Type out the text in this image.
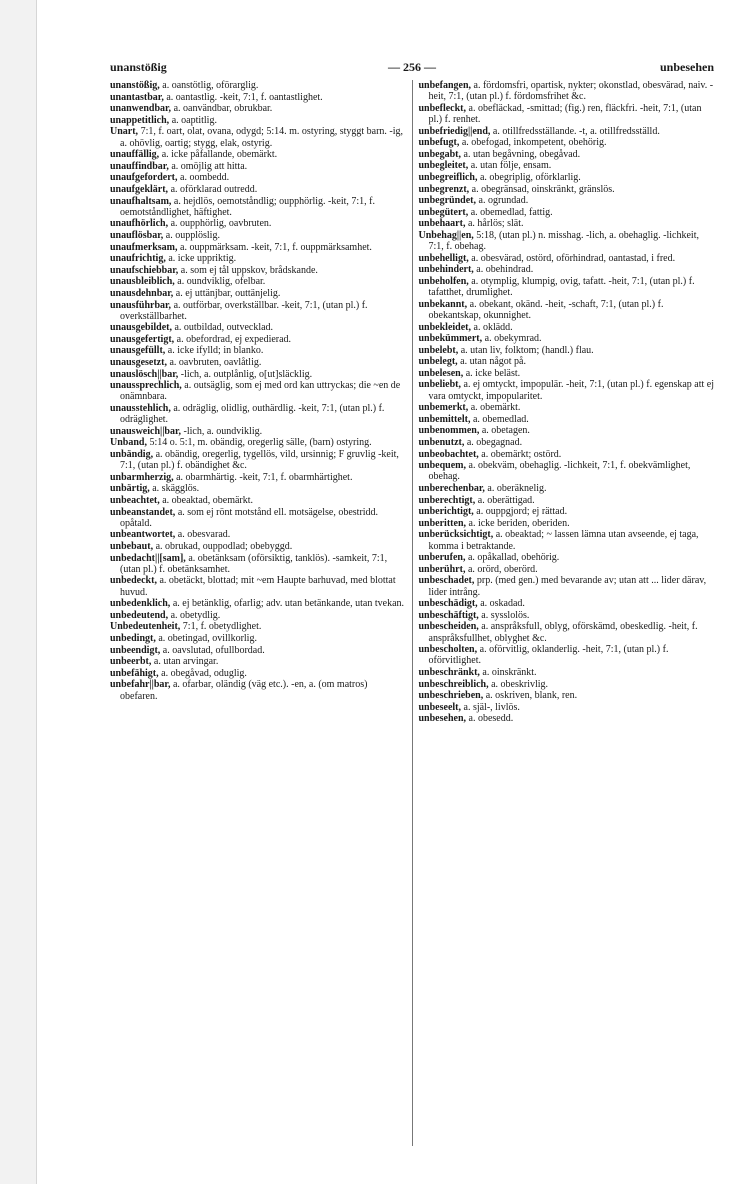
unanstößig	— 256 —	unbesehen

unanstößig, a. oanstötlig, oförarglig.

unantastbar, a. oantastlig. -keit, 7:1, f. oantastlighet.

unanwendbar, a. oanvändbar, obrukbar.

unappetitlich, a. oaptitlig.

Unart, 7:1, f. oart, olat, ovana, odygd; 5:14. m. ostyring, styggt barn. -ig, a. ohövlig, oartig; stygg, elak, ostyrig.

unauffällig, a. icke påfallande, obemärkt.

unauffindbar, a. omöjlig att hitta.

unaufgefordert, a. oombedd.

unaufgeklärt, a. oförklarad outredd.

unaufhaltsam, a. hejdlös, oemotståndlig; oupphörlig. -keit, 7:1, f. oemotståndlighet, häftighet.

unaufhörlich, a. oupphörlig, oavbruten.

unauflösbar, a. oupplöslig.

unaufmerksam, a. ouppmärksam. -keit, 7:1, f. ouppmärksamhet.

unaufrichtig, a. icke uppriktig.

unaufschiebbar, a. som ej tål uppskov, brådskande.

unausbleiblich, a. oundviklig, ofelbar.

unausdehnbar, a. ej uttänjbar, outtänjelig.

unausführbar, a. outförbar, overkställbar. -keit, 7:1, (utan pl.) f. overkställbarhet.

unausgebildet, a. outbildad, outvecklad.

unausgefertigt, a. obefordrad, ej expedierad.

unausgefüllt, a. icke ifylld; in blanko.

unausgesetzt, a. oavbruten, oavlåtlig.

unauslösch||bar, -lich, a. outplånlig, o[ut]släcklig.

unaussprechlich, a. outsäglig, som ej med ord kan uttryckas; die ~en de onämnbara.

unausstehlich, a. odräglig, olidlig, outhärdlig. -keit, 7:1, (utan pl.) f. odräglighet.

unausweich||bar, -lich, a. oundviklig.

Unband, 5:14 o. 5:1, m. obändig, oregerlig sälle, (barn) ostyring.

unbändig, a. obändig, oregerlig, tygellös, vild, ursinnig; F gruvlig -keit, 7:1, (utan pl.) f. obändighet &c.

unbarmherzig, a. obarmhärtig. -keit, 7:1, f. obarmhärtighet.

unbärtig, a. skägglös.

unbeachtet, a. obeaktad, obemärkt.

unbeanstandet, a. som ej rönt motstånd ell. motsägelse, obestridd. opåtald.

unbeantwortet, a. obesvarad.

unbebaut, a. obrukad, ouppodlad; obebyggd.

unbedacht||[sam], a. obetänksam (oförsiktig, tanklös). -samkeit, 7:1, (utan pl.) f. obetänksamhet.

unbedeckt, a. obetäckt, blottad; mit ~em Haupte barhuvad, med blottat huvud.

unbedenklich, a. ej betänklig, ofarlig; adv. utan betänkande, utan tvekan.

unbedeutend, a. obetydlig.

Unbedeutenheit, 7:1, f. obetydlighet.

unbedingt, a. obetingad, ovillkorlig.

unbeendigt, a. oavslutad, ofullbordad.

unbeerbt, a. utan arvingar.

unbefähigt, a. obegåvad, oduglig.

unbefahr||bar, a. ofarbar, oländig (väg etc.). -en, a. (om matros) obefaren.

unbefangen, a. fördomsfri, opartisk, nykter; okonstlad, obesvärad, naiv. -heit, 7:1, (utan pl.) f. fördomsfrihet &c.

unbefleckt, a. obefläckad, -smittad; (fig.) ren, fläckfri. -heit, 7:1, (utan pl.) f. renhet.

unbefriedig||end, a. otillfredsställande. -t, a. otillfredsställd.

unbefugt, a. obefogad, inkompetent, obehörig.

unbegabt, a. utan begåvning, obegåvad.

unbegleitet, a. utan följe, ensam.

unbegreiflich, a. obegriplig, oförklarlig.

unbegrenzt, a. obegränsad, oinskränkt, gränslös.

unbegründet, a. ogrundad.

unbegütert, a. obemedlad, fattig.

unbehaart, a. hårlös; slät.

Unbehag||en, 5:18, (utan pl.) n. misshag. -lich, a. obehaglig. -lichkeit, 7:1, f. obehag.

unbehelligt, a. obesvärad, ostörd, oförhindrad, oantastad, i fred.

unbehindert, a. obehindrad.

unbeholfen, a. otymplig, klumpig, ovig, tafatt. -heit, 7:1, (utan pl.) f. tafatthet, drumlighet.

unbekannt, a. obekant, okänd. -heit, -schaft, 7:1, (utan pl.) f. obekantskap, okunnighet.

unbekleidet, a. oklädd.

unbekümmert, a. obekymrad.

unbelebt, a. utan liv, folktom; (handl.) flau.

unbelegt, a. utan något på.

unbelesen, a. icke beläst.

unbeliebt, a. ej omtyckt, impopulär. -heit, 7:1, (utan pl.) f. egenskap att ej vara omtyckt, impopularitet.

unbemerkt, a. obemärkt.

unbemittelt, a. obemedlad.

unbenommen, a. obetagen.

unbenutzt, a. obegagnad.

unbeobachtet, a. obemärkt; ostörd.

unbequem, a. obekväm, obehaglig. -lichkeit, 7:1, f. obekvämlighet, obehag.

unberechenbar, a. oberäknelig.

unberechtigt, a. oberättigad.

unberichtigt, a. ouppgjord; ej rättad.

unberitten, a. icke beriden, oberiden.

unberücksichtigt, a. obeaktad; ~ lassen lämna utan avseende, ej taga, komma i betraktande.

unberufen, a. opåkallad, obehörig.

unberührt, a. orörd, oberörd.

unbeschadet, prp. (med gen.) med bevarande av; utan att ... lider därav, lider intrång.

unbeschädigt, a. oskadad.

unbeschäftigt, a. sysslolös.

unbescheiden, a. anspråksfull, oblyg, oförskämd, obeskedlig. -heit, f. anspråksfullhet, oblyghet &c.

unbescholten, a. oförvitlig, oklanderlig. -heit, 7:1, (utan pl.) f. oförvitlighet.

unbeschränkt, a. oinskränkt.

unbeschreiblich, a. obeskrivlig.

unbeschrieben, a. oskriven, blank, ren.

unbeseelt, a. själ-, livlös.

unbesehen, a. obesedd.
